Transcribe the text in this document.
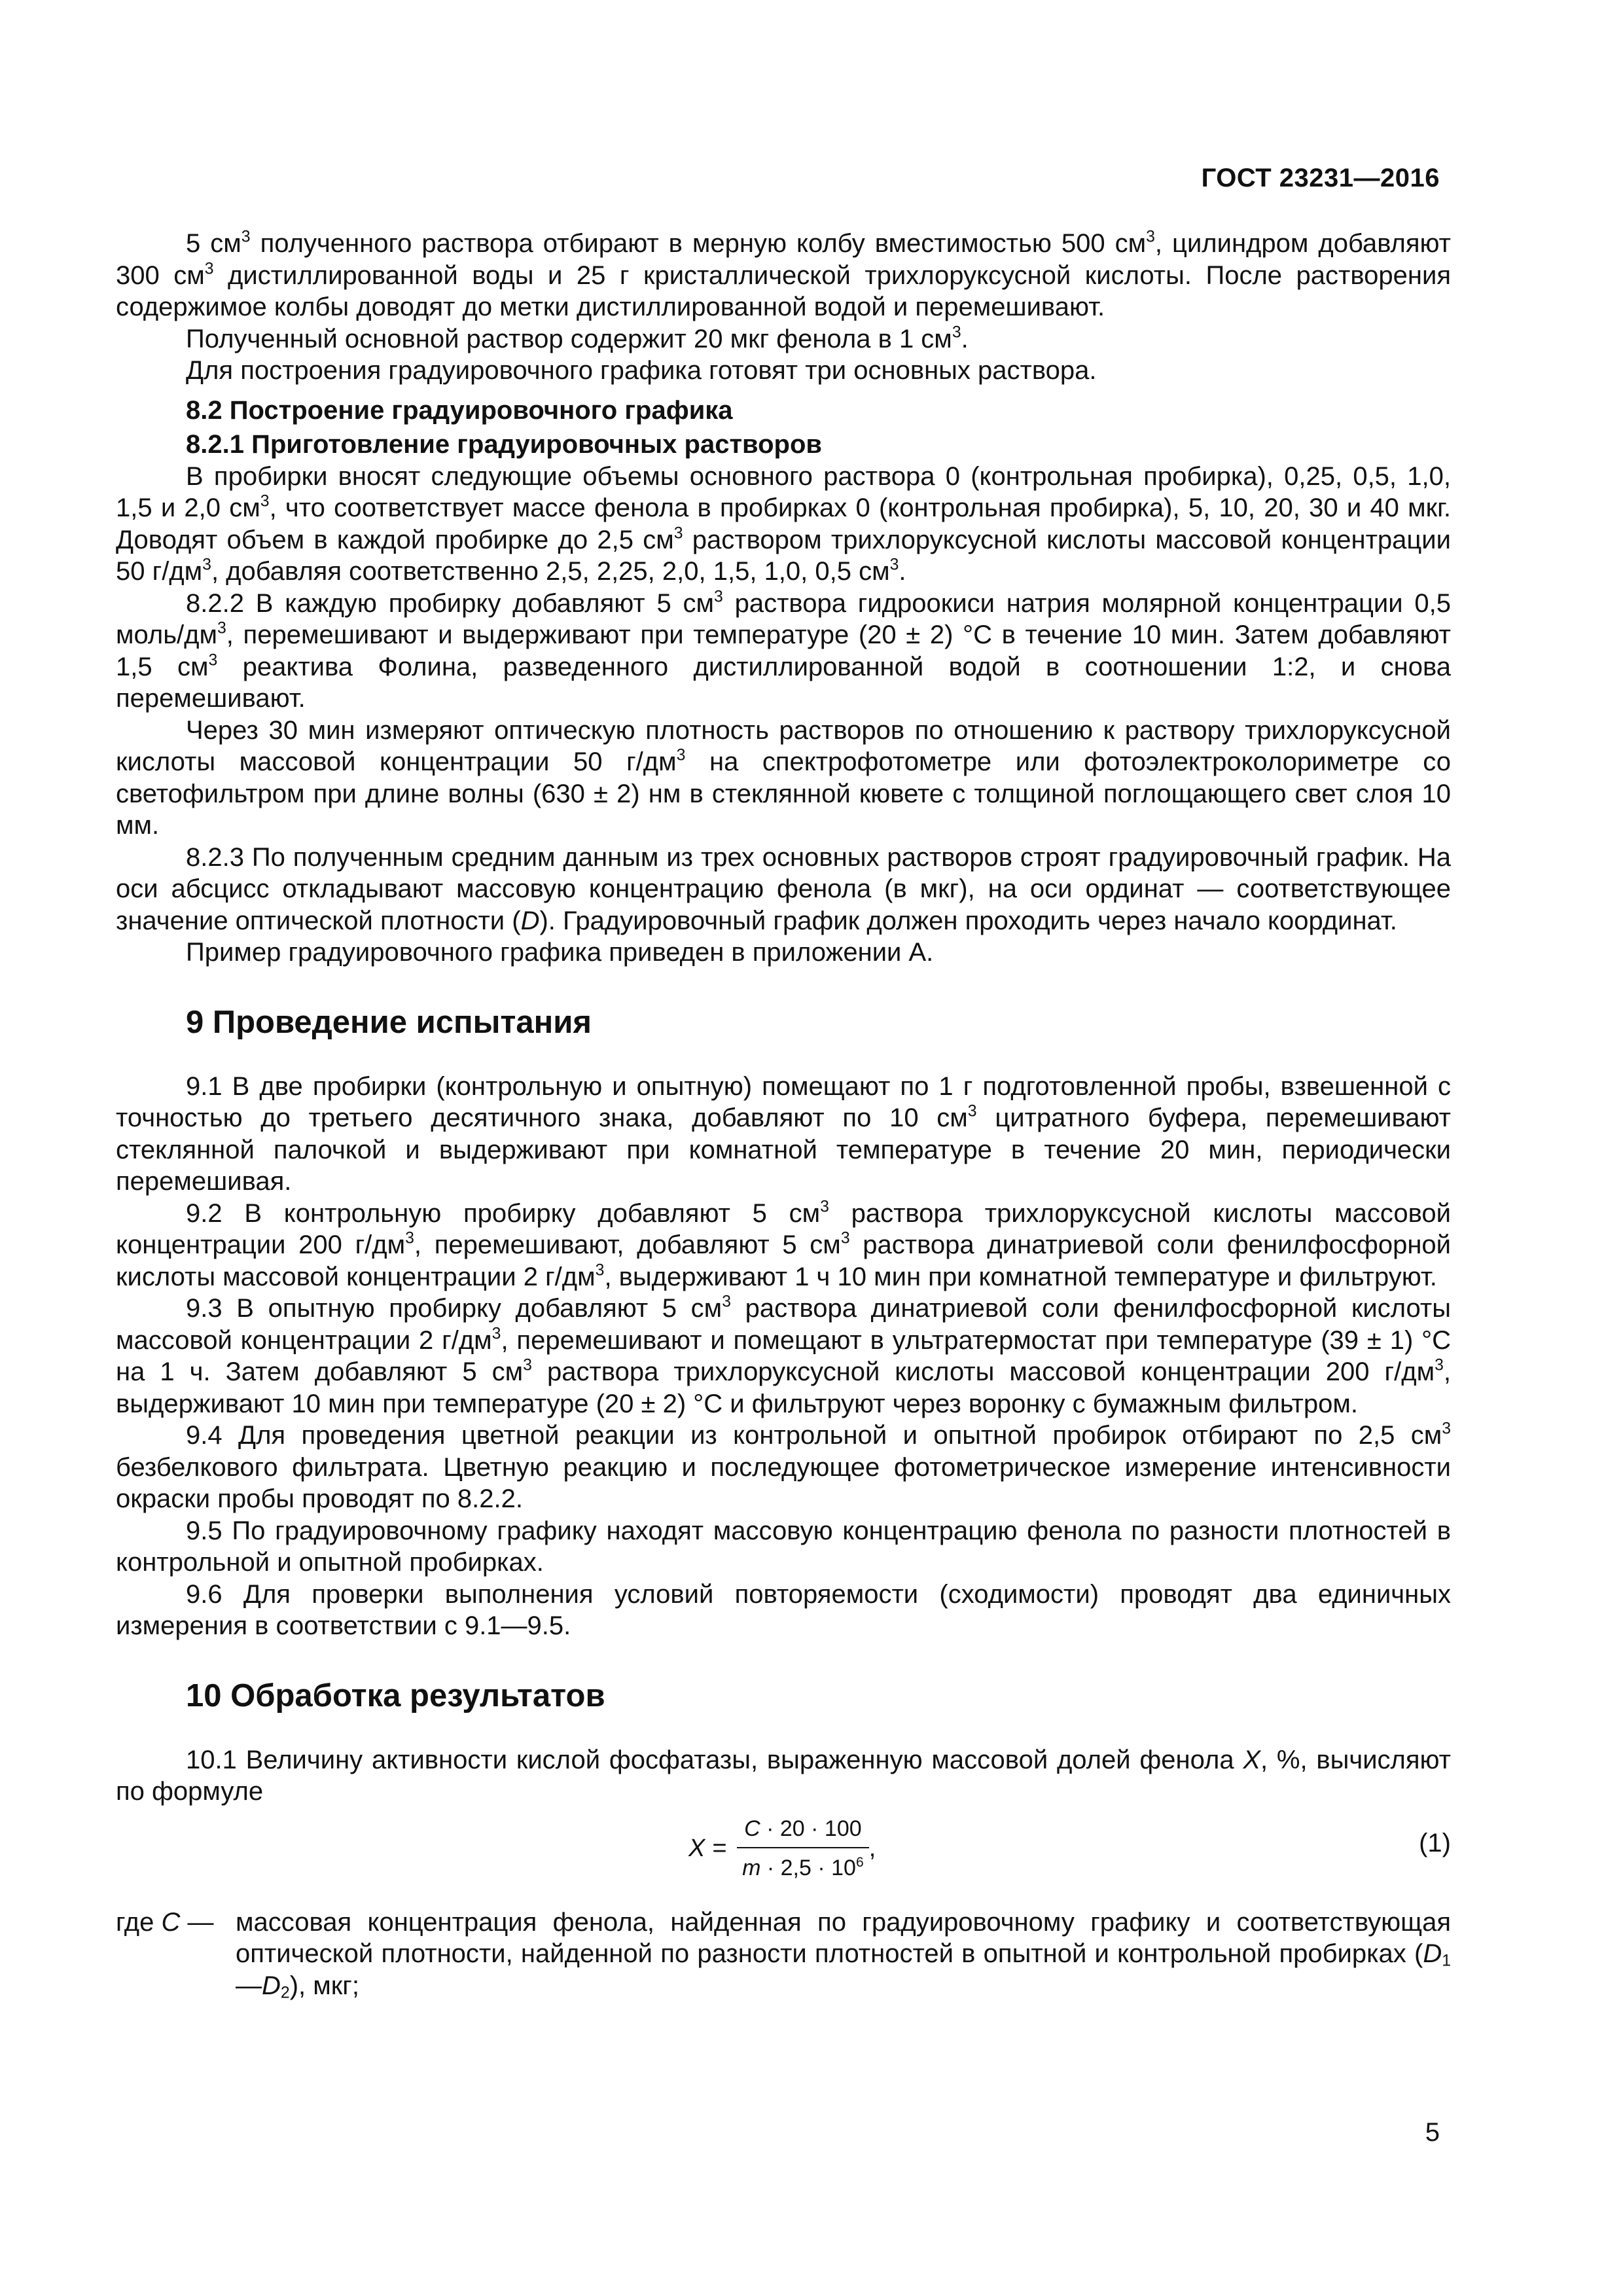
ГОСТ 23231—2016

5 $см^3$ полученного раствора отбирают в мерную колбу вместимостью 500 $см^3$, цилиндром добавляют 300 $см^3$ дистиллированной воды и 25 г кристаллической трихлоруксусной кислоты. После растворения содержимое колбы доводят до метки дистиллированной водой и перемешивают.

Полученный основной раствор содержит 20 мкг фенола в 1 $см^3$.

Для построения градуировочного графика готовят три основных раствора.

8.2 Построение градуировочного графика

8.2.1 Приготовление градуировочных растворов

В пробирки вносят следующие объемы основного раствора 0 (контрольная пробирка), 0,25, 0,5, 1,0, 1,5 и 2,0 $см^3$, что соответствует массе фенола в пробирках 0 (контрольная пробирка), 5, 10, 20, 30 и 40 мкг. Доводят объем в каждой пробирке до 2,5 $см^3$ раствором трихлоруксусной кислоты массовой концентрации 50 $г/дм^3$, добавляя соответственно 2,5, 2,25, 2,0, 1,5, 1,0, 0,5 $см^3$.

8.2.2 В каждую пробирку добавляют 5 $см^3$ раствора гидроокиси натрия молярной концентрации 0,5 моль/$дм^3$, перемешивают и выдерживают при температуре (20 ± 2) °С в течение 10 мин. Затем добавляют 1,5 $см^3$ реактива Фолина, разведенного дистиллированной водой в соотношении 1:2, и снова перемешивают.

Через 30 мин измеряют оптическую плотность растворов по отношению к раствору трихлоруксусной кислоты массовой концентрации 50 $г/дм^3$ на спектрофотометре или фотоэлектроколориметре со светофильтром при длине волны (630 ± 2) нм в стеклянной кювете с толщиной поглощающего свет слоя 10 мм.

8.2.3 По полученным средним данным из трех основных растворов строят градуировочный график. На оси абсцисс откладывают массовую концентрацию фенола (в мкг), на оси ординат — соответствующее значение оптической плотности (D). Градуировочный график должен проходить через начало координат.

Пример градуировочного графика приведен в приложении А.

9 Проведение испытания

9.1 В две пробирки (контрольную и опытную) помещают по 1 г подготовленной пробы, взвешенной с точностью до третьего десятичного знака, добавляют по 10 $см^3$ цитратного буфера, перемешивают стеклянной палочкой и выдерживают при комнатной температуре в течение 20 мин, периодически перемешивая.

9.2 В контрольную пробирку добавляют 5 $см^3$ раствора трихлоруксусной кислоты массовой концентрации 200 $г/дм^3$, перемешивают, добавляют 5 $см^3$ раствора динатриевой соли фенилфосфорной кислоты массовой концентрации 2 $г/дм^3$, выдерживают 1 ч 10 мин при комнатной температуре и фильтруют.

9.3 В опытную пробирку добавляют 5 $см^3$ раствора динатриевой соли фенилфосфорной кислоты массовой концентрации 2 $г/дм^3$, перемешивают и помещают в ультратермостат при температуре (39 ± 1) °С на 1 ч. Затем добавляют 5 $см^3$ раствора трихлоруксусной кислоты массовой концентрации 200 $г/дм^3$, выдерживают 10 мин при температуре (20 ± 2) °С и фильтруют через воронку с бумажным фильтром.

9.4 Для проведения цветной реакции из контрольной и опытной пробирок отбирают по 2,5 $см^3$ безбелкового фильтрата. Цветную реакцию и последующее фотометрическое измерение интенсивности окраски пробы проводят по 8.2.2.

9.5 По градуировочному графику находят массовую концентрацию фенола по разности плотностей в контрольной и опытной пробирках.

9.6 Для проверки выполнения условий повторяемости (сходимости) проводят два единичных измерения в соответствии с 9.1—9.5.

10 Обработка результатов

10.1 Величину активности кислой фосфатазы, выраженную массовой долей фенола X, %, вычисляют по формуле

$X = \frac{C \cdot 20 \cdot 100}{m \cdot 2,5 \cdot 10^6}$ ,	(1)
где C — массовая концентрация фенола, найденная по градуировочному графику и соответствующая оптической плотности, найденной по разности плотностей в опытной и контрольной пробирках $(D_1—D_2)$, мкг;
5
